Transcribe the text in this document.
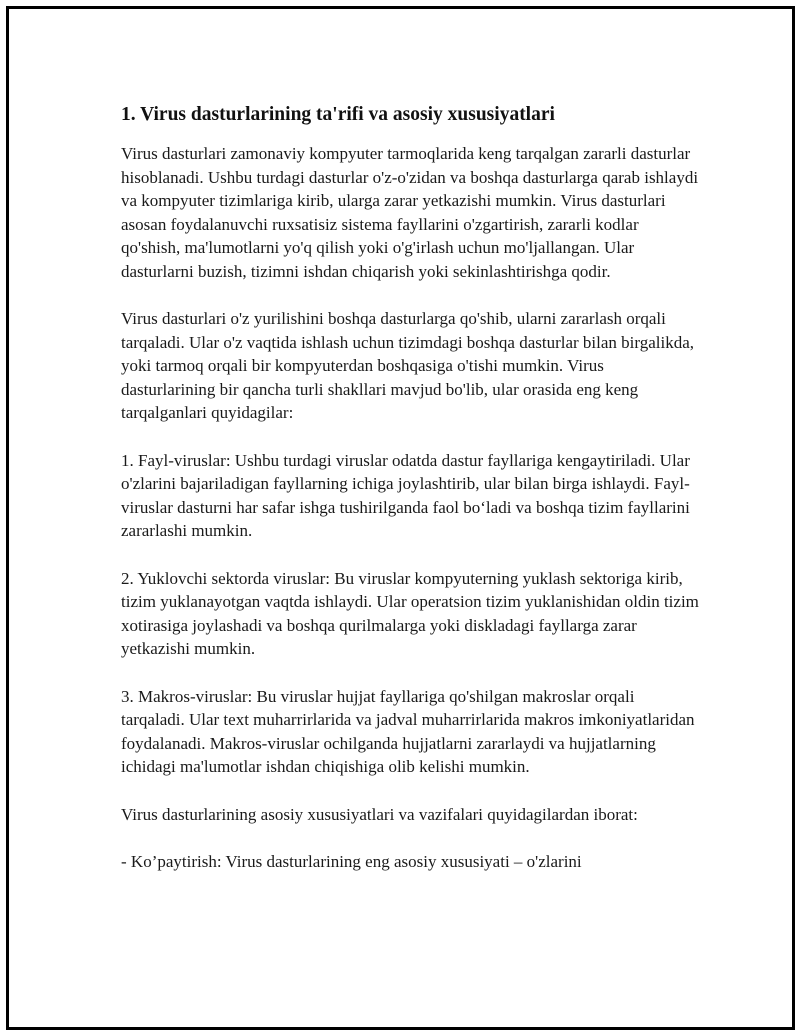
1. Virus dasturlarining ta'rifi va asosiy xususiyatlari

Virus dasturlari zamonaviy kompyuter tarmoqlarida keng tarqalgan zararli dasturlar hisoblanadi. Ushbu turdagi dasturlar o'z-o'zidan va boshqa dasturlarga qarab ishlaydi va kompyuter tizimlariga kirib, ularga zarar yetkazishi mumkin. Virus dasturlari asosan foydalanuvchi ruxsatisiz sistema fayllarini o'zgartirish, zararli kodlar qo'shish, ma'lumotlarni yo'q qilish yoki o'g'irlash uchun mo'ljallangan. Ular dasturlarni buzish, tizimni ishdan chiqarish yoki sekinlashtirishga qodir.

Virus dasturlari o'z yurilishini boshqa dasturlarga qo'shib, ularni zararlash orqali tarqaladi. Ular o'z vaqtida ishlash uchun tizimdagi boshqa dasturlar bilan birgalikda, yoki tarmoq orqali bir kompyuterdan boshqasiga o'tishi mumkin. Virus dasturlarining bir qancha turli shakllari mavjud bo'lib, ular orasida eng keng tarqalganlari quyidagilar:

1. Fayl-viruslar: Ushbu turdagi viruslar odatda dastur fayllariga kengaytiriladi. Ular o'zlarini bajariladigan fayllarning ichiga joylashtirib, ular bilan birga ishlaydi. Fayl-viruslar dasturni har safar ishga tushirilganda faol bo‘ladi va boshqa tizim fayllarini zararlashi mumkin.

2. Yuklovchi sektorda viruslar: Bu viruslar kompyuterning yuklash sektoriga kirib, tizim yuklanayotgan vaqtda ishlaydi. Ular operatsion tizim yuklanishidan oldin tizim xotirasiga joylashadi va boshqa qurilmalarga yoki diskladagi fayllarga zarar yetkazishi mumkin.

3. Makros-viruslar: Bu viruslar hujjat fayllariga qo'shilgan makroslar orqali tarqaladi. Ular text muharrirlarida va jadval muharrirlarida makros imkoniyatlaridan foydalanadi. Makros-viruslar ochilganda hujjatlarni zararlaydi va hujjatlarning ichidagi ma'lumotlar ishdan chiqishiga olib kelishi mumkin.

Virus dasturlarining asosiy xususiyatlari va vazifalari quyidagilardan iborat:

- Ko’paytirish: Virus dasturlarining eng asosiy xususiyati – o'zlarini
